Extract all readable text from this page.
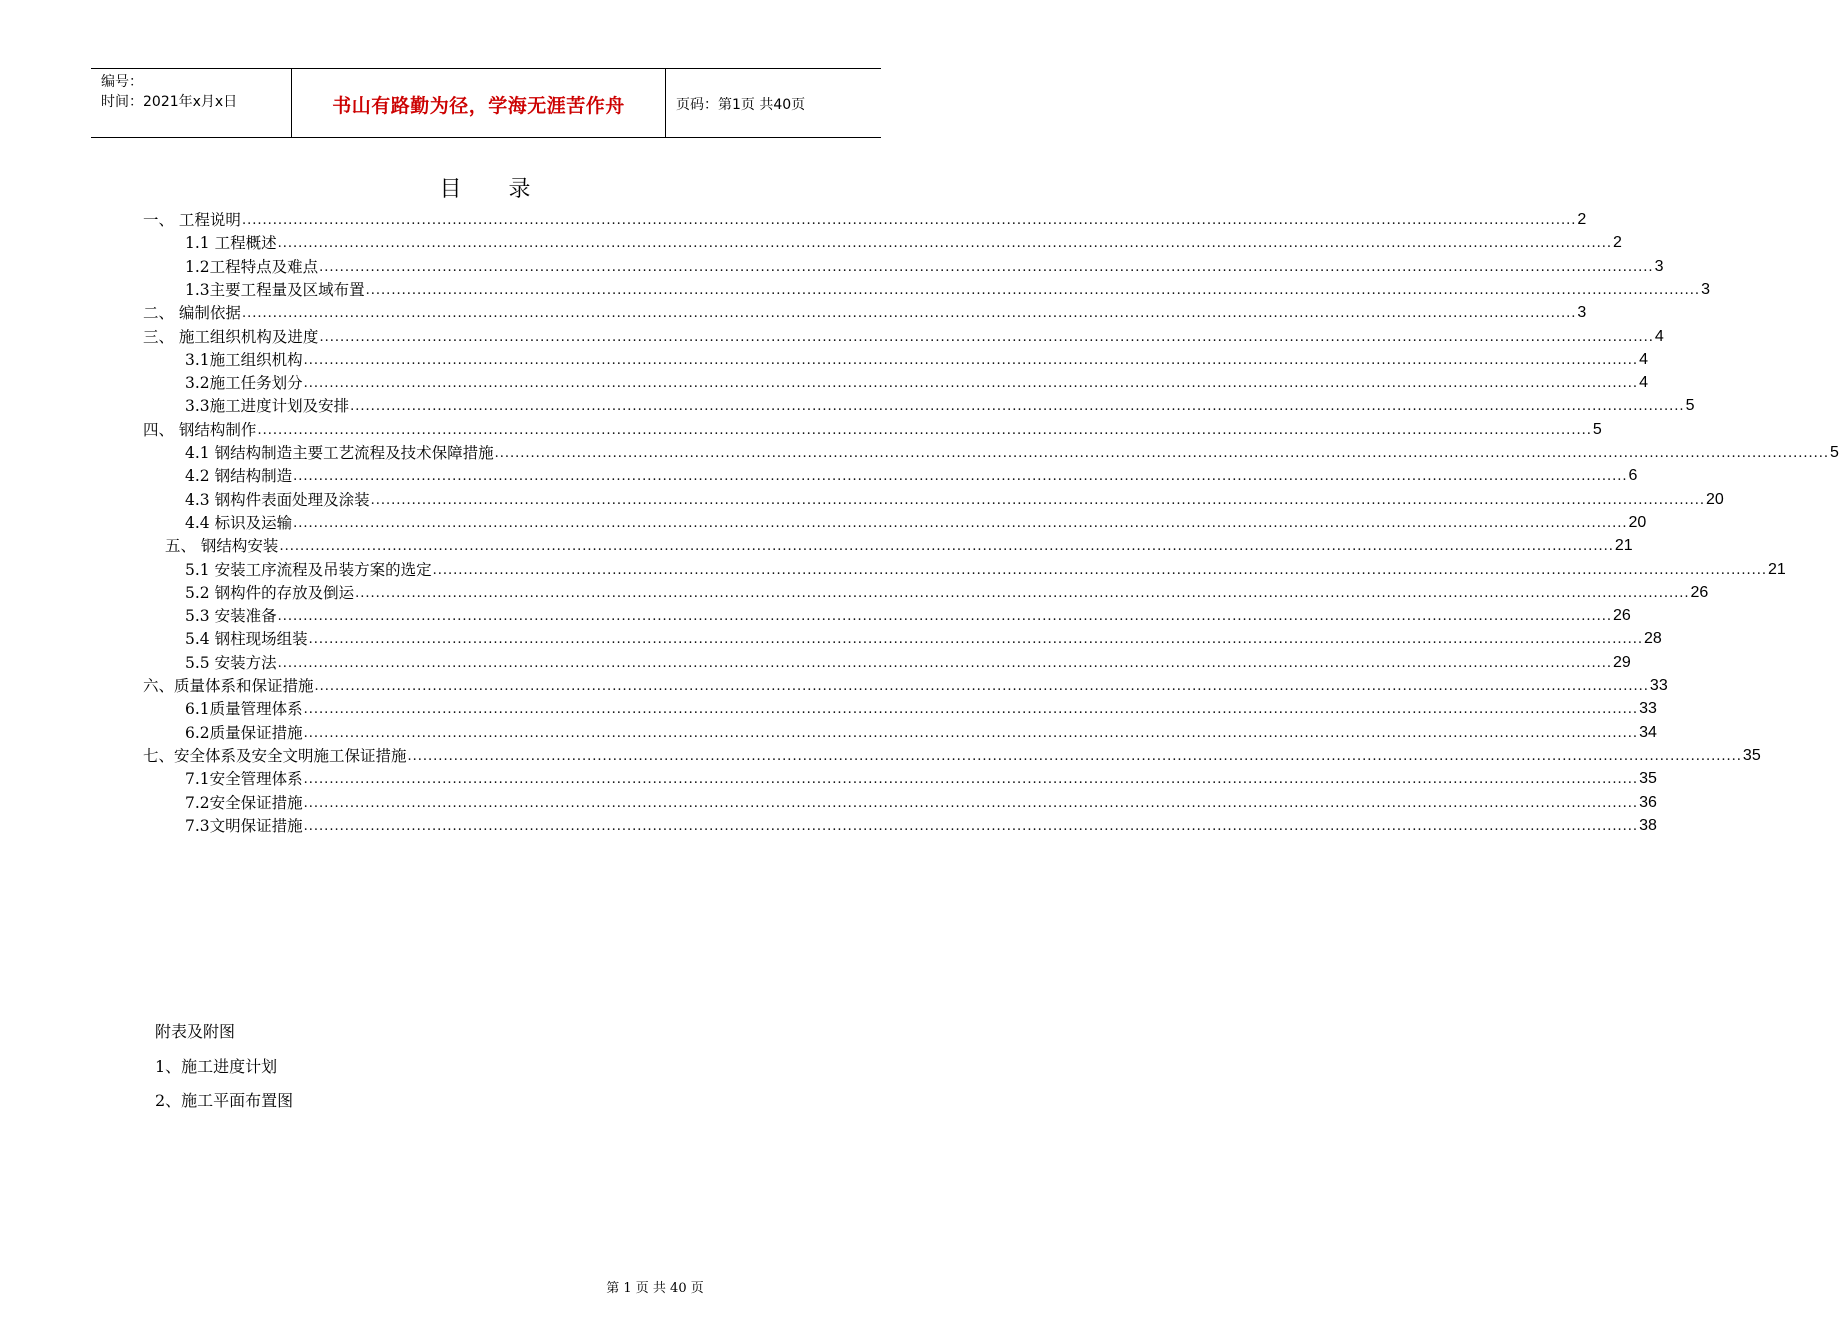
编号：
时间：2021年x月x日	书山有路勤为径，学海无涯苦作舟	页码：第1页 共40页
目 录
一、 工程说明 .................................................................................................................................................................................................................................................................... 2
1.1 工程概述 .................................................................................................................................................................................................................................................................... 2
1.2工程特点及难点 .................................................................................................................................................................................................................................................................... 3
1.3主要工程量及区域布置 .................................................................................................................................................................................................................................................................... 3
二、 编制依据 .................................................................................................................................................................................................................................................................... 3
三、 施工组织机构及进度 .................................................................................................................................................................................................................................................................... 4
3.1施工组织机构 .................................................................................................................................................................................................................................................................... 4
3.2施工任务划分 .................................................................................................................................................................................................................................................................... 4
3.3施工进度计划及安排 .................................................................................................................................................................................................................................................................... 5
四、 钢结构制作 .................................................................................................................................................................................................................................................................... 5
4.1 钢结构制造主要工艺流程及技术保障措施 .................................................................................................................................................................................................................................................................... 5
4.2 钢结构制造 .................................................................................................................................................................................................................................................................... 6
4.3 钢构件表面处理及涂装 .................................................................................................................................................................................................................................................................... 20
4.4 标识及运输 .................................................................................................................................................................................................................................................................... 20
五、 钢结构安装 .................................................................................................................................................................................................................................................................... 21
5.1 安装工序流程及吊装方案的选定 .................................................................................................................................................................................................................................................................... 21
5.2 钢构件的存放及倒运 .................................................................................................................................................................................................................................................................... 26
5.3 安装准备 .................................................................................................................................................................................................................................................................... 26
5.4 钢柱现场组装 .................................................................................................................................................................................................................................................................... 28
5.5 安装方法 .................................................................................................................................................................................................................................................................... 29
六、质量体系和保证措施 .................................................................................................................................................................................................................................................................... 33
6.1质量管理体系 .................................................................................................................................................................................................................................................................... 33
6.2质量保证措施 .................................................................................................................................................................................................................................................................... 34
七、安全体系及安全文明施工保证措施 .................................................................................................................................................................................................................................................................... 35
7.1安全管理体系 .................................................................................................................................................................................................................................................................... 35
7.2安全保证措施 .................................................................................................................................................................................................................................................................... 36
7.3文明保证措施 .................................................................................................................................................................................................................................................................... 38
附表及附图
1、施工进度计划
2、施工平面布置图
第 1 页 共 40 页
